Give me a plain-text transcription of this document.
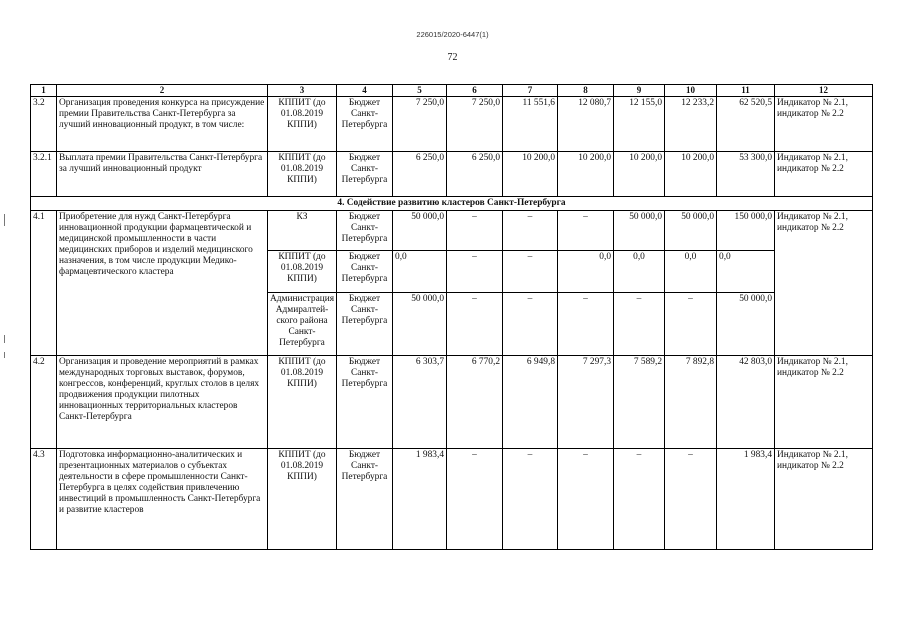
226015/2020-6447(1)
72
1	2	3	4	5	6	7	8	9	10	11	12
3.2	Организация проведения конкурса на присуждение премии Правительства Санкт-Петербурга за лучший инновационный продукт, в том числе:	КППИТ (до 01.08.2019 КППИ)	Бюджет Санкт-Петербурга	7 250,0	7 250,0	11 551,6	12 080,7	12 155,0	12 233,2	62 520,5	Индикатор № 2.1, индикатор № 2.2
3.2.1	Выплата премии Правительства Санкт-Петербурга за лучший инновационный продукт	КППИТ (до 01.08.2019 КППИ)	Бюджет Санкт-Петербурга	6 250,0	6 250,0	10 200,0	10 200,0	10 200,0	10 200,0	53 300,0	Индикатор № 2.1, индикатор № 2.2
4. Содействие развитию кластеров Санкт-Петербурга											
4.1	Приобретение для нужд Санкт-Петербурга инновационной продукции фармацевтической и медицинской промышленности в части медицинских приборов и изделий медицинского назначения, в том числе продукции Медико-фармацевтического кластера	КЗ	Бюджет Санкт-Петербурга	50 000,0	–	–	–	50 000,0	50 000,0	150 000,0	Индикатор № 2.1, индикатор № 2.2
		КППИТ (до 01.08.2019 КППИ)	Бюджет Санкт-Петербурга	0,0	–	–	0,0	0,0	0,0	0,0	
		Администрация Адмиралтей-ского района Санкт-Петербурга	Бюджет Санкт-Петербурга	50 000,0	–	–	–	–	–	50 000,0	
4.2	Организация и проведение мероприятий в рамках международных торговых выставок, форумов, конгрессов, конференций, круглых столов в целях продвижения продукции пилотных инновационных территориальных кластеров Санкт-Петербурга	КППИТ (до 01.08.2019 КППИ)	Бюджет Санкт-Петербурга	6 303,7	6 770,2	6 949,8	7 297,3	7 589,2	7 892,8	42 803,0	Индикатор № 2.1, индикатор № 2.2
4.3	Подготовка информационно-аналитических и презентационных материалов о субъектах деятельности в сфере промышленности Санкт-Петербурга в целях содействия привлечению инвестиций в промышленность Санкт-Петербурга и развитие кластеров	КППИТ (до 01.08.2019 КППИ)	Бюджет Санкт-Петербурга	1 983,4	–	–	–	–	–	1 983,4	Индикатор № 2.1, индикатор № 2.2
